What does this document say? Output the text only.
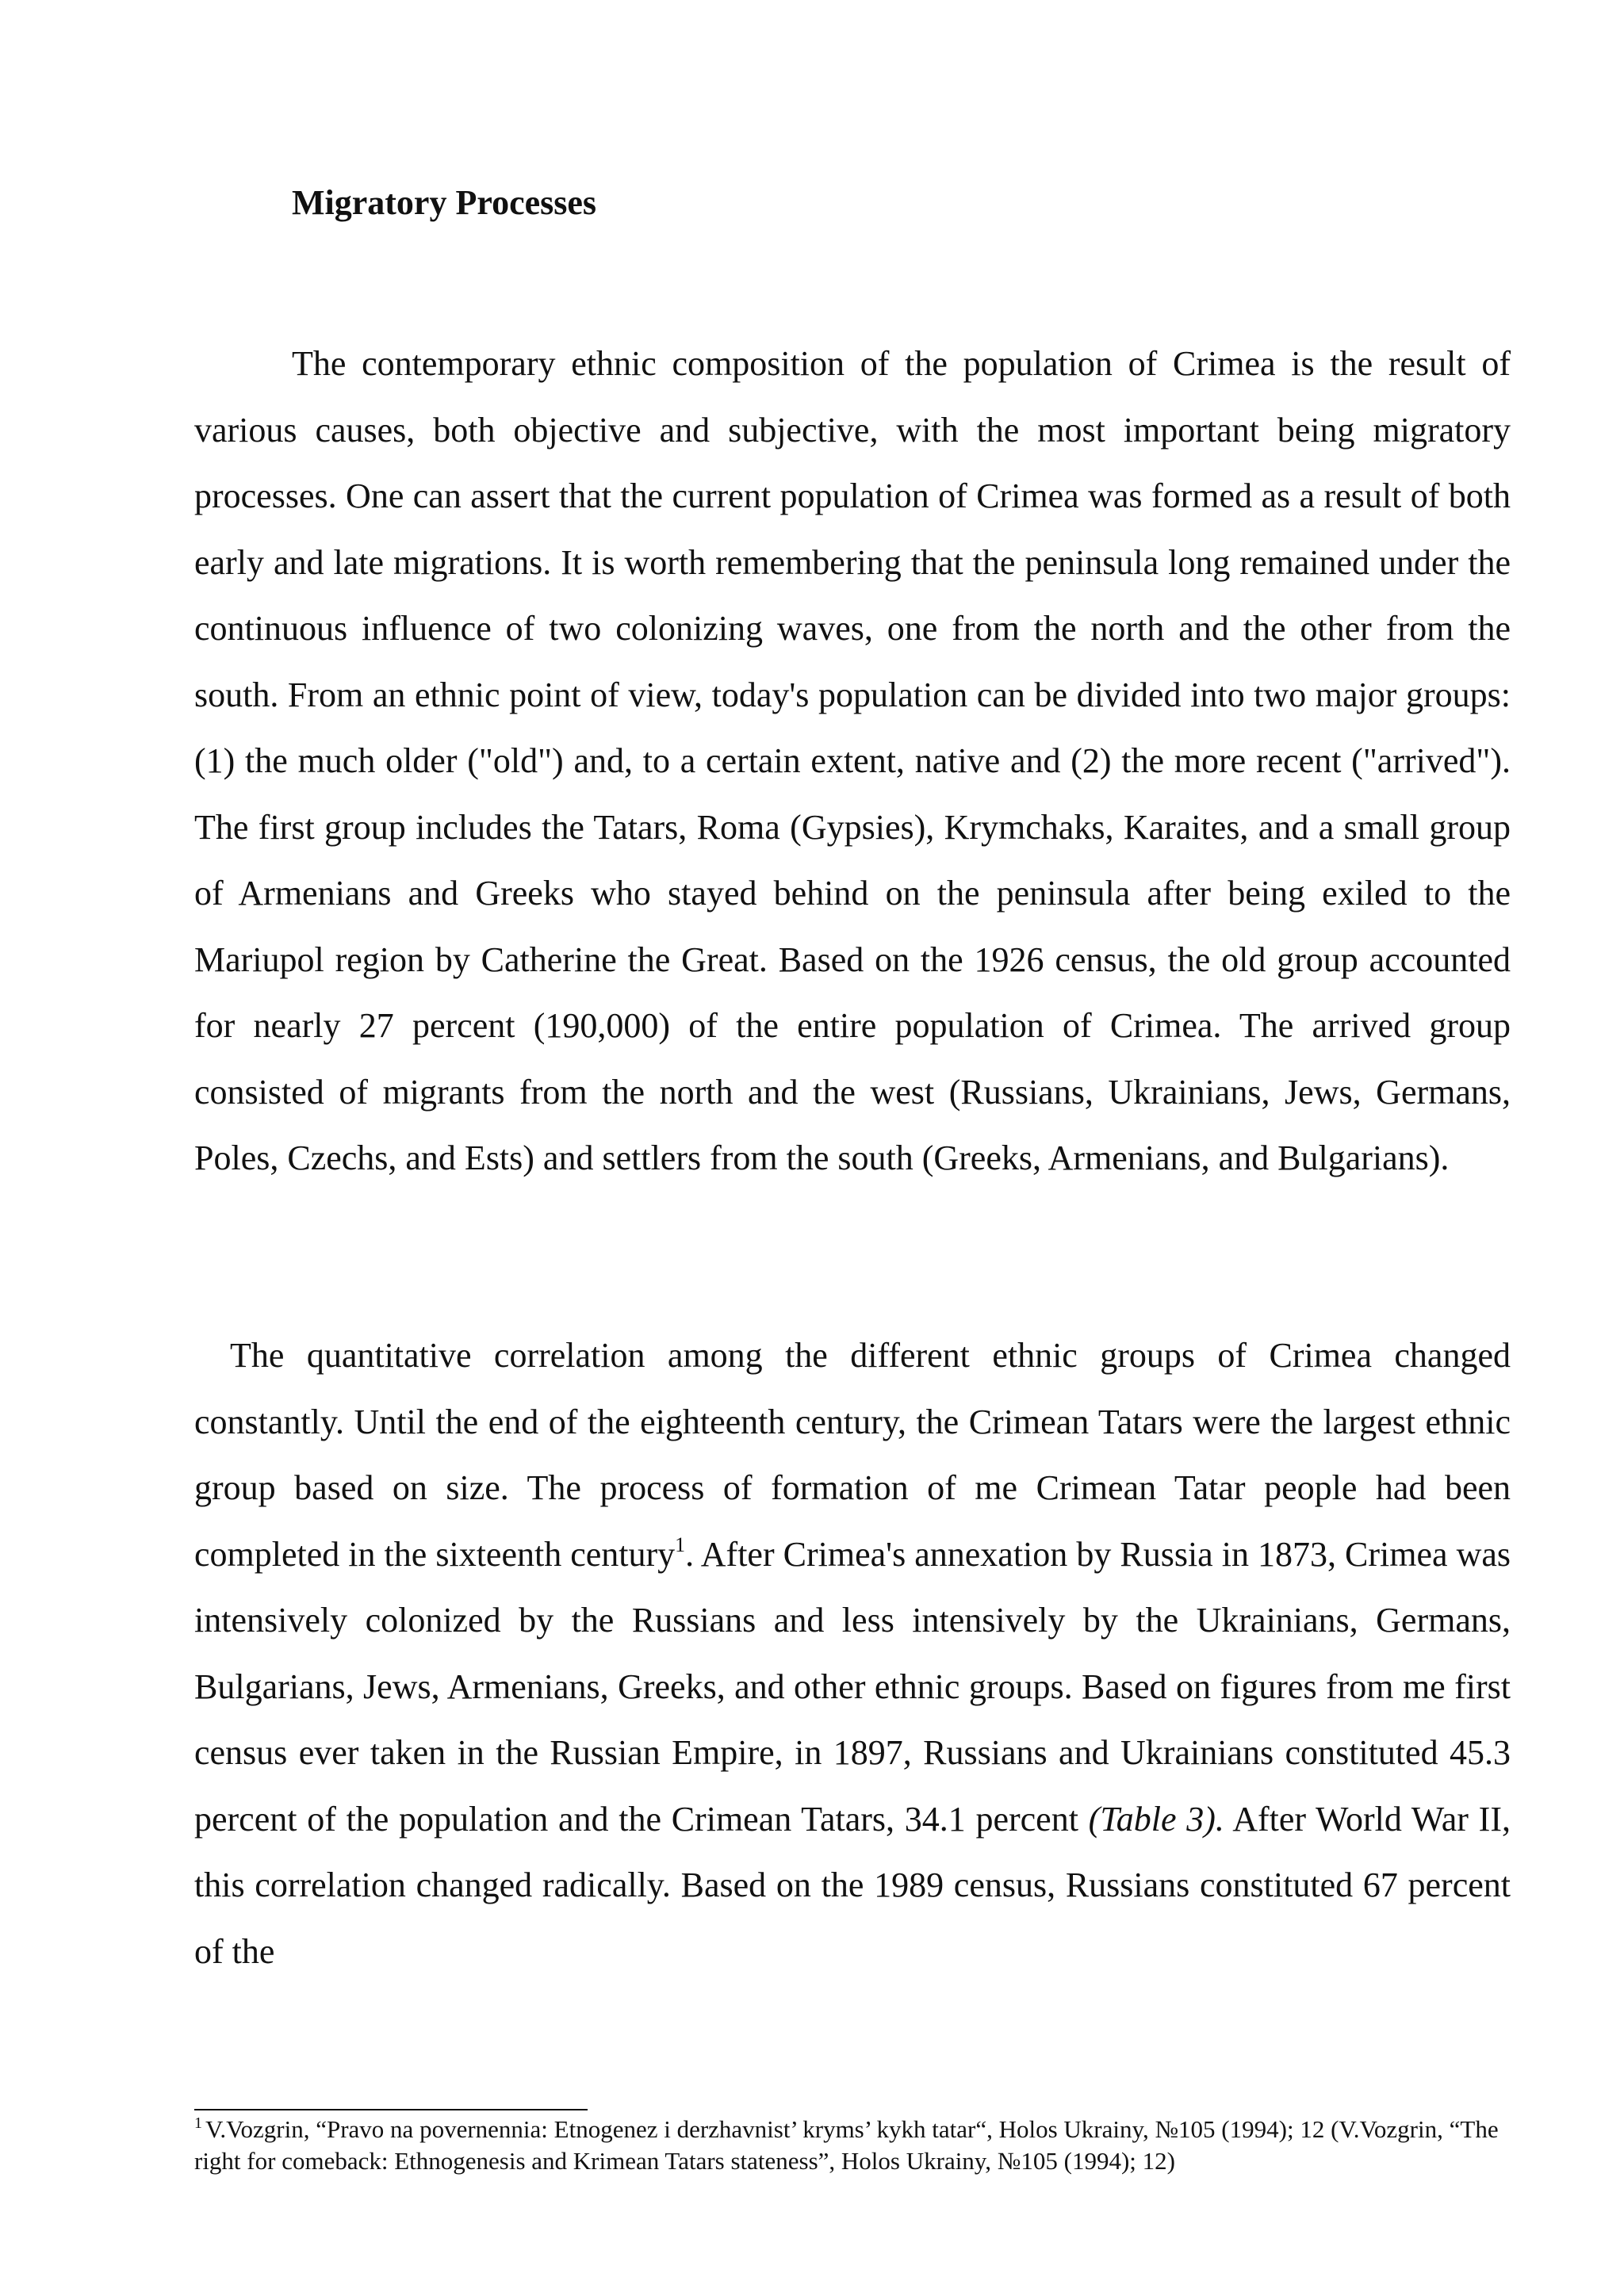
Migratory Processes

The contemporary ethnic composition of the population of Crimea is the result of various causes, both objective and subjective, with the most important being migratory processes. One can assert that the current population of Crimea was formed as a result of both early and late migrations. It is worth remembering that the peninsula long remained under the continuous influence of two colonizing waves, one from the north and the other from the south. From an ethnic point of view, today's population can be divided into two major groups: (1) the much older ("old") and, to a certain extent, native and (2) the more recent ("arrived"). The first group includes the Tatars, Roma (Gypsies), Krymchaks, Karaites, and a small group of Armenians and Greeks who stayed behind on the peninsula after being exiled to the Mariupol region by Catherine the Great. Based on the 1926 census, the old group accounted for nearly 27 percent (190,000) of the entire population of Crimea. The arrived group consisted of migrants from the north and the west (Russians, Ukrainians, Jews, Germans, Poles, Czechs, and Ests) and settlers from the south (Greeks, Armenians, and Bulgarians).

The quantitative correlation among the different ethnic groups of Crimea changed constantly. Until the end of the eighteenth century, the Crimean Tatars were the largest ethnic group based on size. The process of formation of me Crimean Tatar people had been completed in the sixteenth century$^1$. After Crimea's annexation by Russia in 1873, Crimea was intensively colonized by the Russians and less intensively by the Ukrainians, Germans, Bulgarians, Jews, Armenians, Greeks, and other ethnic groups. Based on figures from me first census ever taken in the Russian Empire, in 1897, Russians and Ukrainians constituted 45.3 percent of the population and the Crimean Tatars, 34.1 percent (Table 3). After World War II, this correlation changed radically. Based on the 1989 census, Russians constituted 67 percent of the

$^1$ V.Vozgrin, “Pravo na povernennia: Etnogenez i derzhavnist’ kryms’ kykh tatar“, Holos Ukrainy, №105 (1994); 12 (V.Vozgrin, “The right for comeback: Ethnogenesis and Krimean Tatars stateness”, Holos Ukrainy, №105 (1994); 12)
